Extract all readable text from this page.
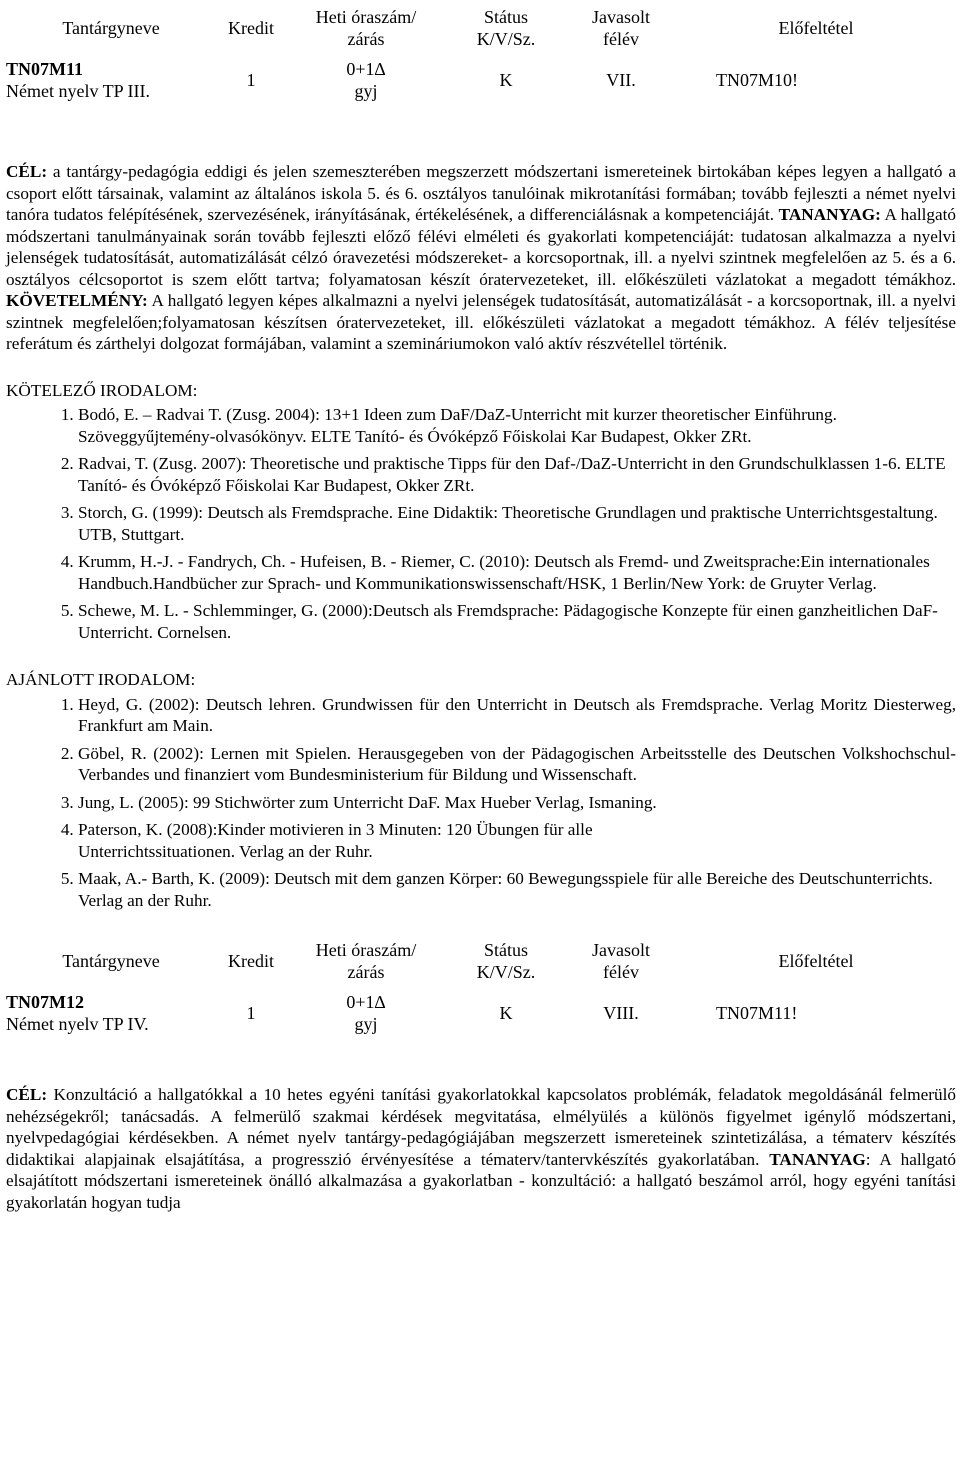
Tantárgyneve	Kredit	Heti óraszám/ zárás	Státus K/V/Sz.	Javasolt félév	Előfeltétel

TN07M11
Német nyelv TP III.	1	0+1∆ gyj	K	VII.	TN07M10!

CÉL: a tantárgy-pedagógia eddigi és jelen szemeszterében megszerzett módszertani ismereteinek birtokában képes legyen a hallgató a csoport előtt társainak, valamint az általános iskola 5. és 6. osztályos tanulóinak mikrotanítási formában; tovább fejleszti a német nyelvi tanóra tudatos felépítésének, szervezésének, irányításának, értékelésének, a differenciálásnak a kompetenciáját. TANANYAG: A hallgató módszertani tanulmányainak során tovább fejleszti előző félévi elméleti és gyakorlati kompetenciáját: tudatosan alkalmazza a nyelvi jelenségek tudatosítását, automatizálását célzó óravezetési módszereket- a korcsoportnak, ill. a nyelvi szintnek megfelelően az 5. és a 6. osztályos célcsoportot is szem előtt tartva; folyamatosan készít óratervezeteket, ill. előkészületi vázlatokat a megadott témákhoz. KÖVETELMÉNY: A hallgató legyen képes alkalmazni a nyelvi jelenségek tudatosítását, automatizálását - a korcsoportnak, ill. a nyelvi szintnek megfelelően;folyamatosan készítsen óratervezeteket, ill. előkészületi vázlatokat a megadott témákhoz. A félév teljesítése referátum és zárthelyi dolgozat formájában, valamint a szemináriumokon való aktív részvétellel történik.

KÖTELEZŐ IRODALOM:
1. Bodó, E. – Radvai T. (Zusg. 2004): 13+1 Ideen zum DaF/DaZ-Unterricht mit kurzer theoretischer Einführung. Szöveggyűjtemény-olvasókönyv. ELTE Tanító- és Óvóképző Főiskolai Kar Budapest, Okker ZRt.
2. Radvai, T. (Zusg. 2007): Theoretische und praktische Tipps für den Daf-/DaZ-Unterricht in den Grundschulklassen 1-6. ELTE Tanító- és Óvóképző Főiskolai Kar Budapest, Okker ZRt.
3. Storch, G. (1999): Deutsch als Fremdsprache. Eine Didaktik: Theoretische Grundlagen und praktische Unterrichtsgestaltung. UTB, Stuttgart.
4. Krumm, H.-J. - Fandrych, Ch. - Hufeisen, B. - Riemer, C. (2010): Deutsch als Fremd- und Zweitsprache:Ein internationales Handbuch.Handbücher zur Sprach- und Kommunikationswissenschaft/HSK, 1 Berlin/New York: de Gruyter Verlag.
5. Schewe, M. L. - Schlemminger, G. (2000):Deutsch als Fremdsprache: Pädagogische Konzepte für einen ganzheitlichen DaF-Unterricht. Cornelsen.
AJÁNLOTT IRODALOM:
1. Heyd, G. (2002): Deutsch lehren. Grundwissen für den Unterricht in Deutsch als Fremdsprache. Verlag Moritz Diesterweg, Frankfurt am Main.
2. Göbel, R. (2002): Lernen mit Spielen. Herausgegeben von der Pädagogischen Arbeitsstelle des Deutschen Volkshochschul-Verbandes und finanziert vom Bundesministerium für Bildung und Wissenschaft.
3. Jung, L. (2005): 99 Stichwörter zum Unterricht DaF. Max Hueber Verlag, Ismaning.
4. Paterson, K. (2008):Kinder motivieren in 3 Minuten: 120 Übungen für alle Unterrichtssituationen. Verlag an der Ruhr.
5. Maak, A.- Barth, K. (2009): Deutsch mit dem ganzen Körper: 60 Bewegungsspiele für alle Bereiche des Deutschunterrichts. Verlag an der Ruhr.
Tantárgyneve	Kredit	Heti óraszám/ zárás	Státus K/V/Sz.	Javasolt félév	Előfeltétel

TN07M12
Német nyelv TP IV.	1	0+1∆ gyj	K	VIII.	TN07M11!

CÉL: Konzultáció a hallgatókkal a 10 hetes egyéni tanítási gyakorlatokkal kapcsolatos problémák, feladatok megoldásánál felmerülő nehézségekről; tanácsadás. A felmerülő szakmai kérdések megvitatása, elmélyülés a különös figyelmet igénylő módszertani, nyelvpedagógiai kérdésekben. A német nyelv tantárgy-pedagógiájában megszerzett ismereteinek szintetizálása, a tématerv készítés didaktikai alapjainak elsajátítása, a progresszió érvényesítése a tématerv/tantervkészítés gyakorlatában. TANANYAG: A hallgató elsajátított módszertani ismereteinek önálló alkalmazása a gyakorlatban - konzultáció: a hallgató beszámol arról, hogy egyéni tanítási gyakorlatán hogyan tudja
